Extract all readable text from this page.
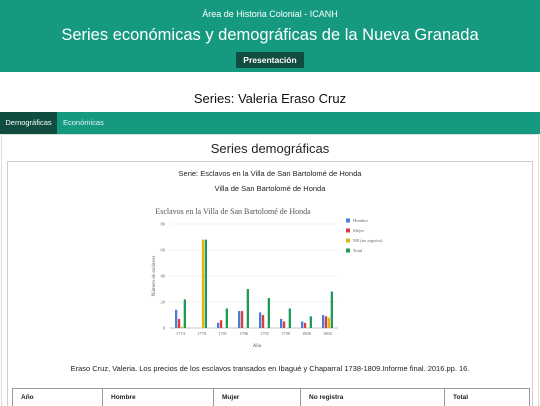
Área de Historia Colonial - ICANH
Series económicas y demográficas de la Nueva Granada
Presentación
Series: Valeria Eraso Cruz
Demográficas	Económicas
Series demográficas
Serie: Esclavos en la Villa de San Bartolomé de Honda
Villa de San Bartolomé de Honda
Esclavos en la Villa de San Bartolomé de Honda
Número de esclavos
Año
0
20
40
60
80
1774	1778	1781	1786	1795	1799	1800	1802
Hombre
Mujer
NR (no registra)
Total
Eraso Cruz, Valeria. Los precios de los esclavos transados en Ibagué y Chaparral 1738-1809.Informe final. 2016.pp. 16.
Año	Hombre	Mujer	No registra	Total
